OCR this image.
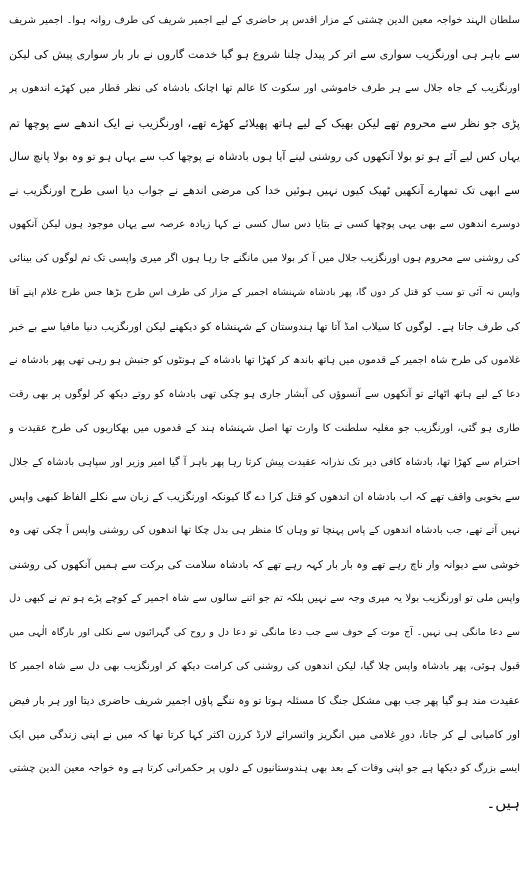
سلطان الہند خواجہ معین الدین چشتی کے مزار اقدس پر حاضری کے لیے اجمیر شریف کی طرف روانہ ہوا۔ اجمیر شریف
سے باہر ہی اورنگزیب سواری سے اتر کر پیدل چلنا شروع ہو گیا خدمت گاروں نے بار بار سواری پیش کی لیکن
اورنگزیب کے جاہ جلال سے ہر طرف خاموشی اور سکوت کا عالم تھا اچانک بادشاہ کی نظر قطار میں کھڑے اندھوں پر
پڑی جو نظر سے محروم تھے لیکن بھیک کے لیے ہاتھ پھیلائے کھڑے تھے، اورنگزیب نے ایک اندھے سے پوچھا تم
یہاں کس لیے آئے ہو تو بولا آنکھوں کی روشنی لینے آیا ہوں بادشاہ نے پوچھا کب سے یہاں ہو تو وہ بولا پانچ سال
سے ابھی تک تمھارے آنکھیں ٹھیک کیوں نہیں ہوئیں خدا کی مرضی اندھے نے جواب دیا اسی طرح اورنگزیب نے
دوسرے اندھوں سے بھی یہی پوچھا کسی نے بتایا دس سال کسی نے کہا زیادہ عرصہ سے یہاں موجود ہوں لیکن آنکھوں
کی روشنی سے محروم ہوں اورنگزیب جلال میں آ کر بولا میں مانگنے جا رہا ہوں اگر میری واپسی تک تم لوگوں کی بینائی
واپس نہ آئی تو سب کو قتل کر دوں گا، پھر بادشاہ شہنشاہ اجمیر کے مزار کی طرف اس طرح بڑھا جس طرح غلام اپنے آقا
کی طرف جاتا ہے۔ لوگوں کا سیلاب امڈ آتا تھا ہندوستان کے شہنشاہ کو دیکھنے لیکن اورنگزیب دنیا مافیا سے بے خبر
غلاموں کی طرح شاہ اجمیر کے قدموں میں ہاتھ باندھ کر کھڑا تھا بادشاہ کے ہونٹوں کو جنبش ہو رہی تھی پھر بادشاہ نے
دعا کے لیے ہاتھ اٹھائے تو آنکھوں سے آنسوؤں کی آبشار جاری ہو چکی تھی بادشاہ کو روتے دیکھ کر لوگوں پر بھی رقت
طاری ہو گئی، اورنگزیب جو مغلیہ سلطنت کا وارث تھا اصل شہنشاہ ہند کے قدموں میں بھکاریوں کی طرح عقیدت و
احترام سے کھڑا تھا، بادشاہ کافی دیر تک نذرانہ عقیدت پیش کرتا رہا پھر باہر آ گیا امیر وزیر اور سپاہی بادشاہ کے جلال
سے بخوبی واقف تھے کہ اب بادشاہ ان اندھوں کو قتل کرا دے گا کیونکہ اورنگزیب کے زبان سے نکلے الفاظ کبھی واپس
نہیں آتے تھے، جب بادشاہ اندھوں کے پاس پہنچا تو وہاں کا منظر ہی بدل چکا تھا اندھوں کی روشنی واپس آ چکی تھی وہ
خوشی سے دیوانہ وار ناچ رہے تھے وہ بار بار کہہ رہے تھے کہ بادشاہ سلامت کی برکت سے ہمیں آنکھوں کی روشنی
واپس ملی تو اورنگزیب بولا یہ میری وجہ سے نہیں بلکہ تم جو اتنے سالوں سے شاہ اجمیر کے کوچے پڑے ہو تم نے کبھی دل
سے دعا مانگی ہی نہیں۔ آج موت کے خوف سے جب دعا مانگی تو دعا دل و روح کی گہرائیوں سے نکلی اور بارگاہ الٰہی میں
قبول ہوئی، پھر بادشاہ واپس چلا گیا، لیکن اندھوں کی روشنی کی کرامت دیکھ کر اورنگزیب بھی دل سے شاہ اجمیر کا
عقیدت مند ہو گیا پھر جب بھی مشکل جنگ کا مسئلہ ہوتا تو وہ ننگے پاؤں اجمیر شریف حاضری دیتا اور ہر بار فیض
اور کامیابی لے کر جاتا، دورِ غلامی میں انگریز وائسرائے لارڈ کرزن اکثر کہا کرتا تھا کہ میں نے اپنی زندگی میں ایک
ایسے بزرگ کو دیکھا ہے جو اپنی وفات کے بعد بھی ہندوستانیوں کے دلوں پر حکمرانی کرتا ہے وہ خواجہ معین الدین چشتی
ہیں۔
